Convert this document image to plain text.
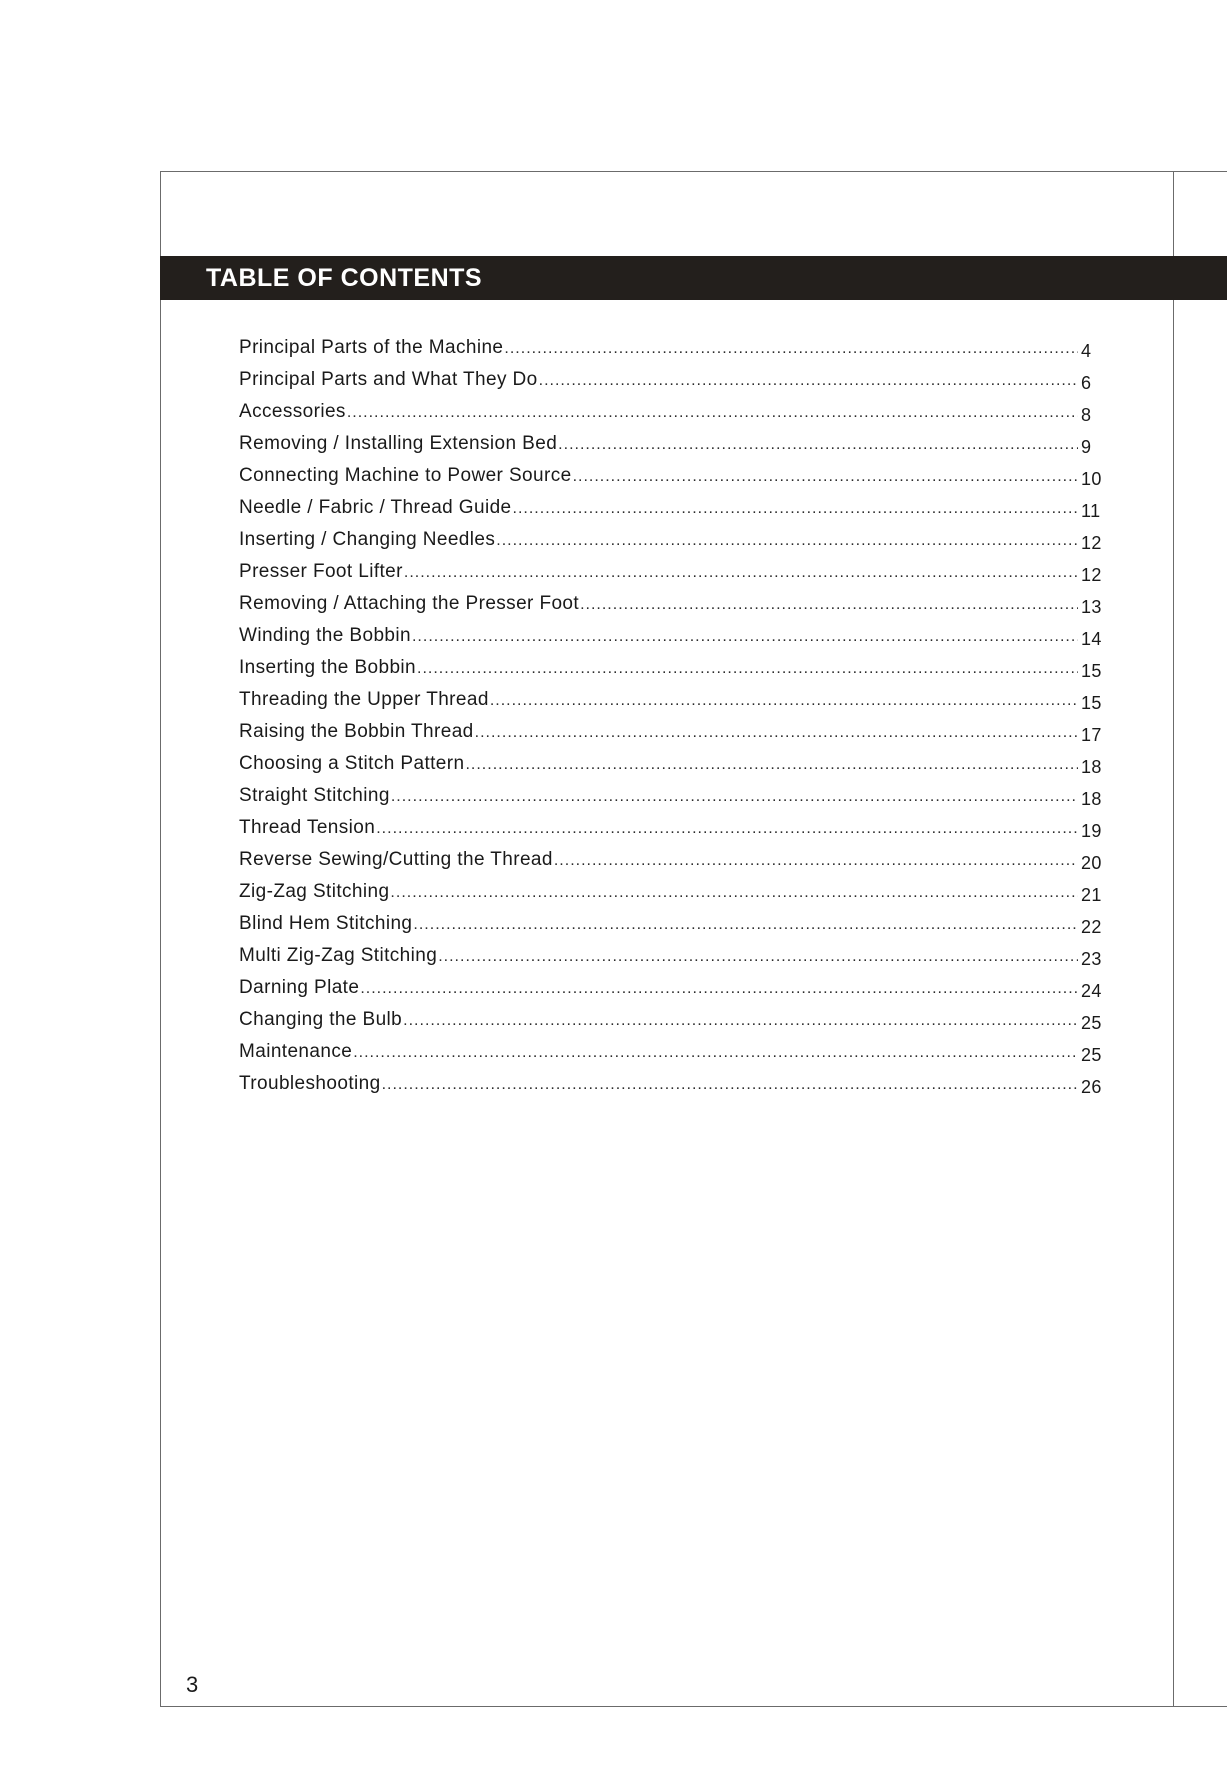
TABLE OF CONTENTS
Principal Parts of the Machine .....	4
Principal Parts and What They Do .....	6
Accessories .....	8
Removing / Installing Extension Bed .....	9
Connecting Machine to Power Source .....	10
Needle / Fabric / Thread Guide .....	11
Inserting / Changing Needles .....	12
Presser Foot Lifter .....	12
Removing / Attaching the Presser Foot .....	13
Winding the Bobbin .....	14
Inserting the Bobbin .....	15
Threading the Upper Thread .....	15
Raising the Bobbin Thread .....	17
Choosing a Stitch Pattern .....	18
Straight Stitching .....	18
Thread Tension .....	19
Reverse Sewing/Cutting the Thread .....	20
Zig-Zag Stitching .....	21
Blind Hem Stitching .....	22
Multi Zig-Zag Stitching .....	23
Darning Plate .....	24
Changing the Bulb .....	25
Maintenance .....	25
Troubleshooting .....	26
3
